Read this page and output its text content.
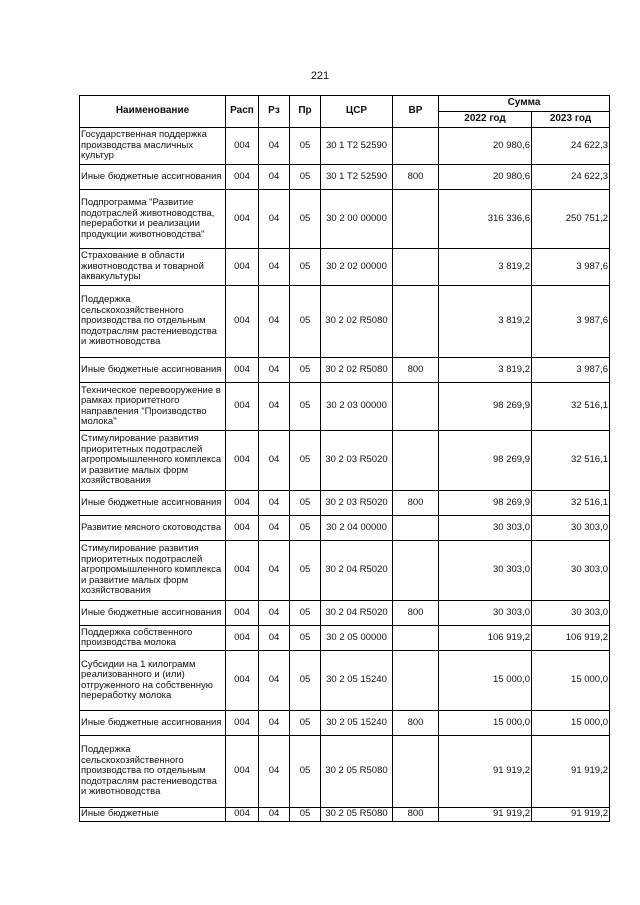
221
Наименование	Расп	Рз	Пр	ЦСР	ВР	Сумма	
						2022 год	2023 год
Государственная поддержка производства масличных культур	004	04	05	30 1 T2 52590		20 980,6	24 622,3
Иные бюджетные ассигнования	004	04	05	30 1 T2 52590	800	20 980,6	24 622,3
Подпрограмма "Развитие подотраслей животноводства, переработки и реализации продукции животноводства"	004	04	05	30 2 00 00000		316 336,6	250 751,2
Страхование в области животноводства и товарной аквакультуры	004	04	05	30 2 02 00000		3 819,2	3 987,6
Поддержка сельскохозяйственного производства по отдельным подотраслям растениеводства и животноводства	004	04	05	30 2 02 R5080		3 819,2	3 987,6
Иные бюджетные ассигнования	004	04	05	30 2 02 R5080	800	3 819,2	3 987,6
Техническое перевооружение в рамках приоритетного направления "Производство молока"	004	04	05	30 2 03 00000		98 269,9	32 516,1
Стимулирование развития приоритетных подотраслей агропромышленного комплекса и развитие малых форм хозяйствования	004	04	05	30 2 03 R5020		98 269,9	32 516,1
Иные бюджетные ассигнования	004	04	05	30 2 03 R5020	800	98 269,9	32 516,1
Развитие мясного скотоводства	004	04	05	30 2 04 00000		30 303,0	30 303,0
Стимулирование развития приоритетных подотраслей агропромышленного комплекса и развитие малых форм хозяйствования	004	04	05	30 2 04 R5020		30 303,0	30 303,0
Иные бюджетные ассигнования	004	04	05	30 2 04 R5020	800	30 303,0	30 303,0
Поддержка собственного производства молока	004	04	05	30 2 05 00000		106 919,2	106 919,2
Субсидии на 1 килограмм реализованного и (или) отгруженного на собственную переработку молока	004	04	05	30 2 05 15240		15 000,0	15 000,0
Иные бюджетные ассигнования	004	04	05	30 2 05 15240	800	15 000,0	15 000,0
Поддержка сельскохозяйственного производства по отдельным подотраслям растениеводства и животноводства	004	04	05	30 2 05 R5080		91 919,2	91 919,2
Иные бюджетные	004	04	05	30 2 05 R5080	800	91 919,2	91 919,2
